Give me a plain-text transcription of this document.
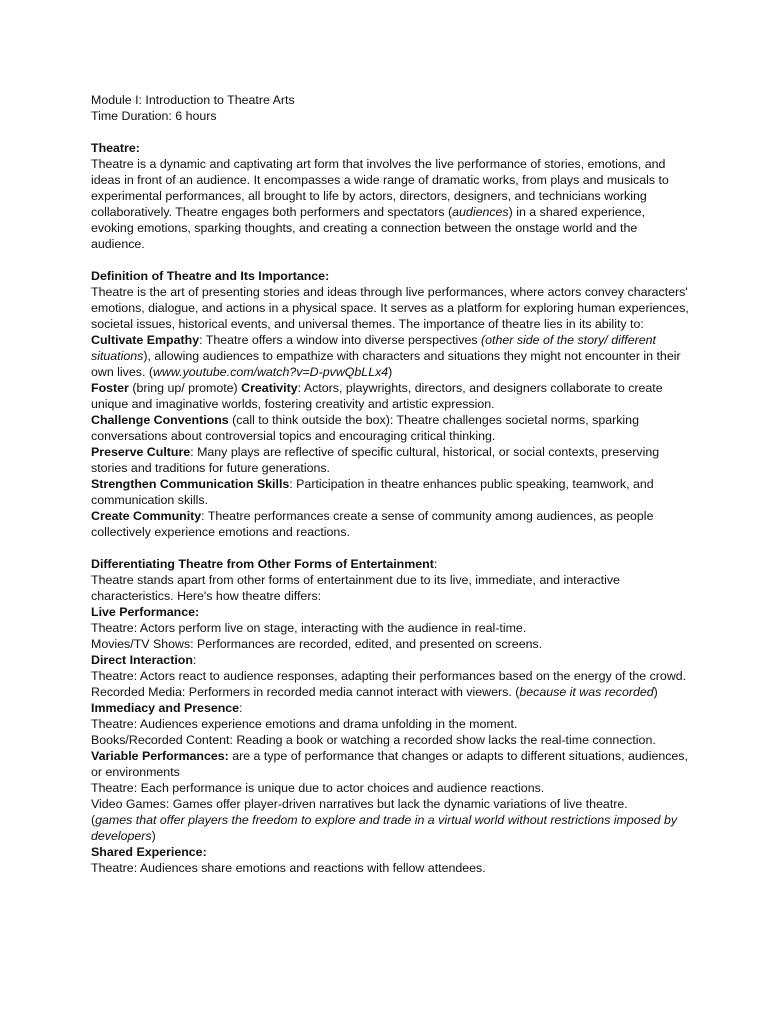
Module I: Introduction to Theatre Arts

Time Duration: 6 hours

Theatre:

Theatre is a dynamic and captivating art form that involves the live performance of stories, emotions, and ideas in front of an audience. It encompasses a wide range of dramatic works, from plays and musicals to experimental performances, all brought to life by actors, directors, designers, and technicians working collaboratively. Theatre engages both performers and spectators (audiences) in a shared experience, evoking emotions, sparking thoughts, and creating a connection between the onstage world and the audience.

Definition of Theatre and Its Importance:

Theatre is the art of presenting stories and ideas through live performances, where actors convey characters' emotions, dialogue, and actions in a physical space. It serves as a platform for exploring human experiences, societal issues, historical events, and universal themes. The importance of theatre lies in its ability to:

Cultivate Empathy: Theatre offers a window into diverse perspectives (other side of the story/ different situations), allowing audiences to empathize with characters and situations they might not encounter in their own lives. (www.youtube.com/watch?v=D-pvwQbLLx4)

Foster (bring up/ promote) Creativity: Actors, playwrights, directors, and designers collaborate to create unique and imaginative worlds, fostering creativity and artistic expression.

Challenge Conventions (call to think outside the box): Theatre challenges societal norms, sparking conversations about controversial topics and encouraging critical thinking.

Preserve Culture: Many plays are reflective of specific cultural, historical, or social contexts, preserving stories and traditions for future generations.

Strengthen Communication Skills: Participation in theatre enhances public speaking, teamwork, and communication skills.

Create Community: Theatre performances create a sense of community among audiences, as people collectively experience emotions and reactions.

Differentiating Theatre from Other Forms of Entertainment:

Theatre stands apart from other forms of entertainment due to its live, immediate, and interactive characteristics. Here's how theatre differs:

Live Performance:

Theatre: Actors perform live on stage, interacting with the audience in real-time.

Movies/TV Shows: Performances are recorded, edited, and presented on screens.

Direct Interaction:

Theatre: Actors react to audience responses, adapting their performances based on the energy of the crowd.

Recorded Media: Performers in recorded media cannot interact with viewers. (because it was recorded)

Immediacy and Presence:

Theatre: Audiences experience emotions and drama unfolding in the moment.

Books/Recorded Content: Reading a book or watching a recorded show lacks the real-time connection.

Variable Performances: are a type of performance that changes or adapts to different situations, audiences, or environments

Theatre: Each performance is unique due to actor choices and audience reactions.

Video Games: Games offer player-driven narratives but lack the dynamic variations of live theatre.

(games that offer players the freedom to explore and trade in a virtual world without restrictions imposed by developers)

Shared Experience:

Theatre: Audiences share emotions and reactions with fellow attendees.
